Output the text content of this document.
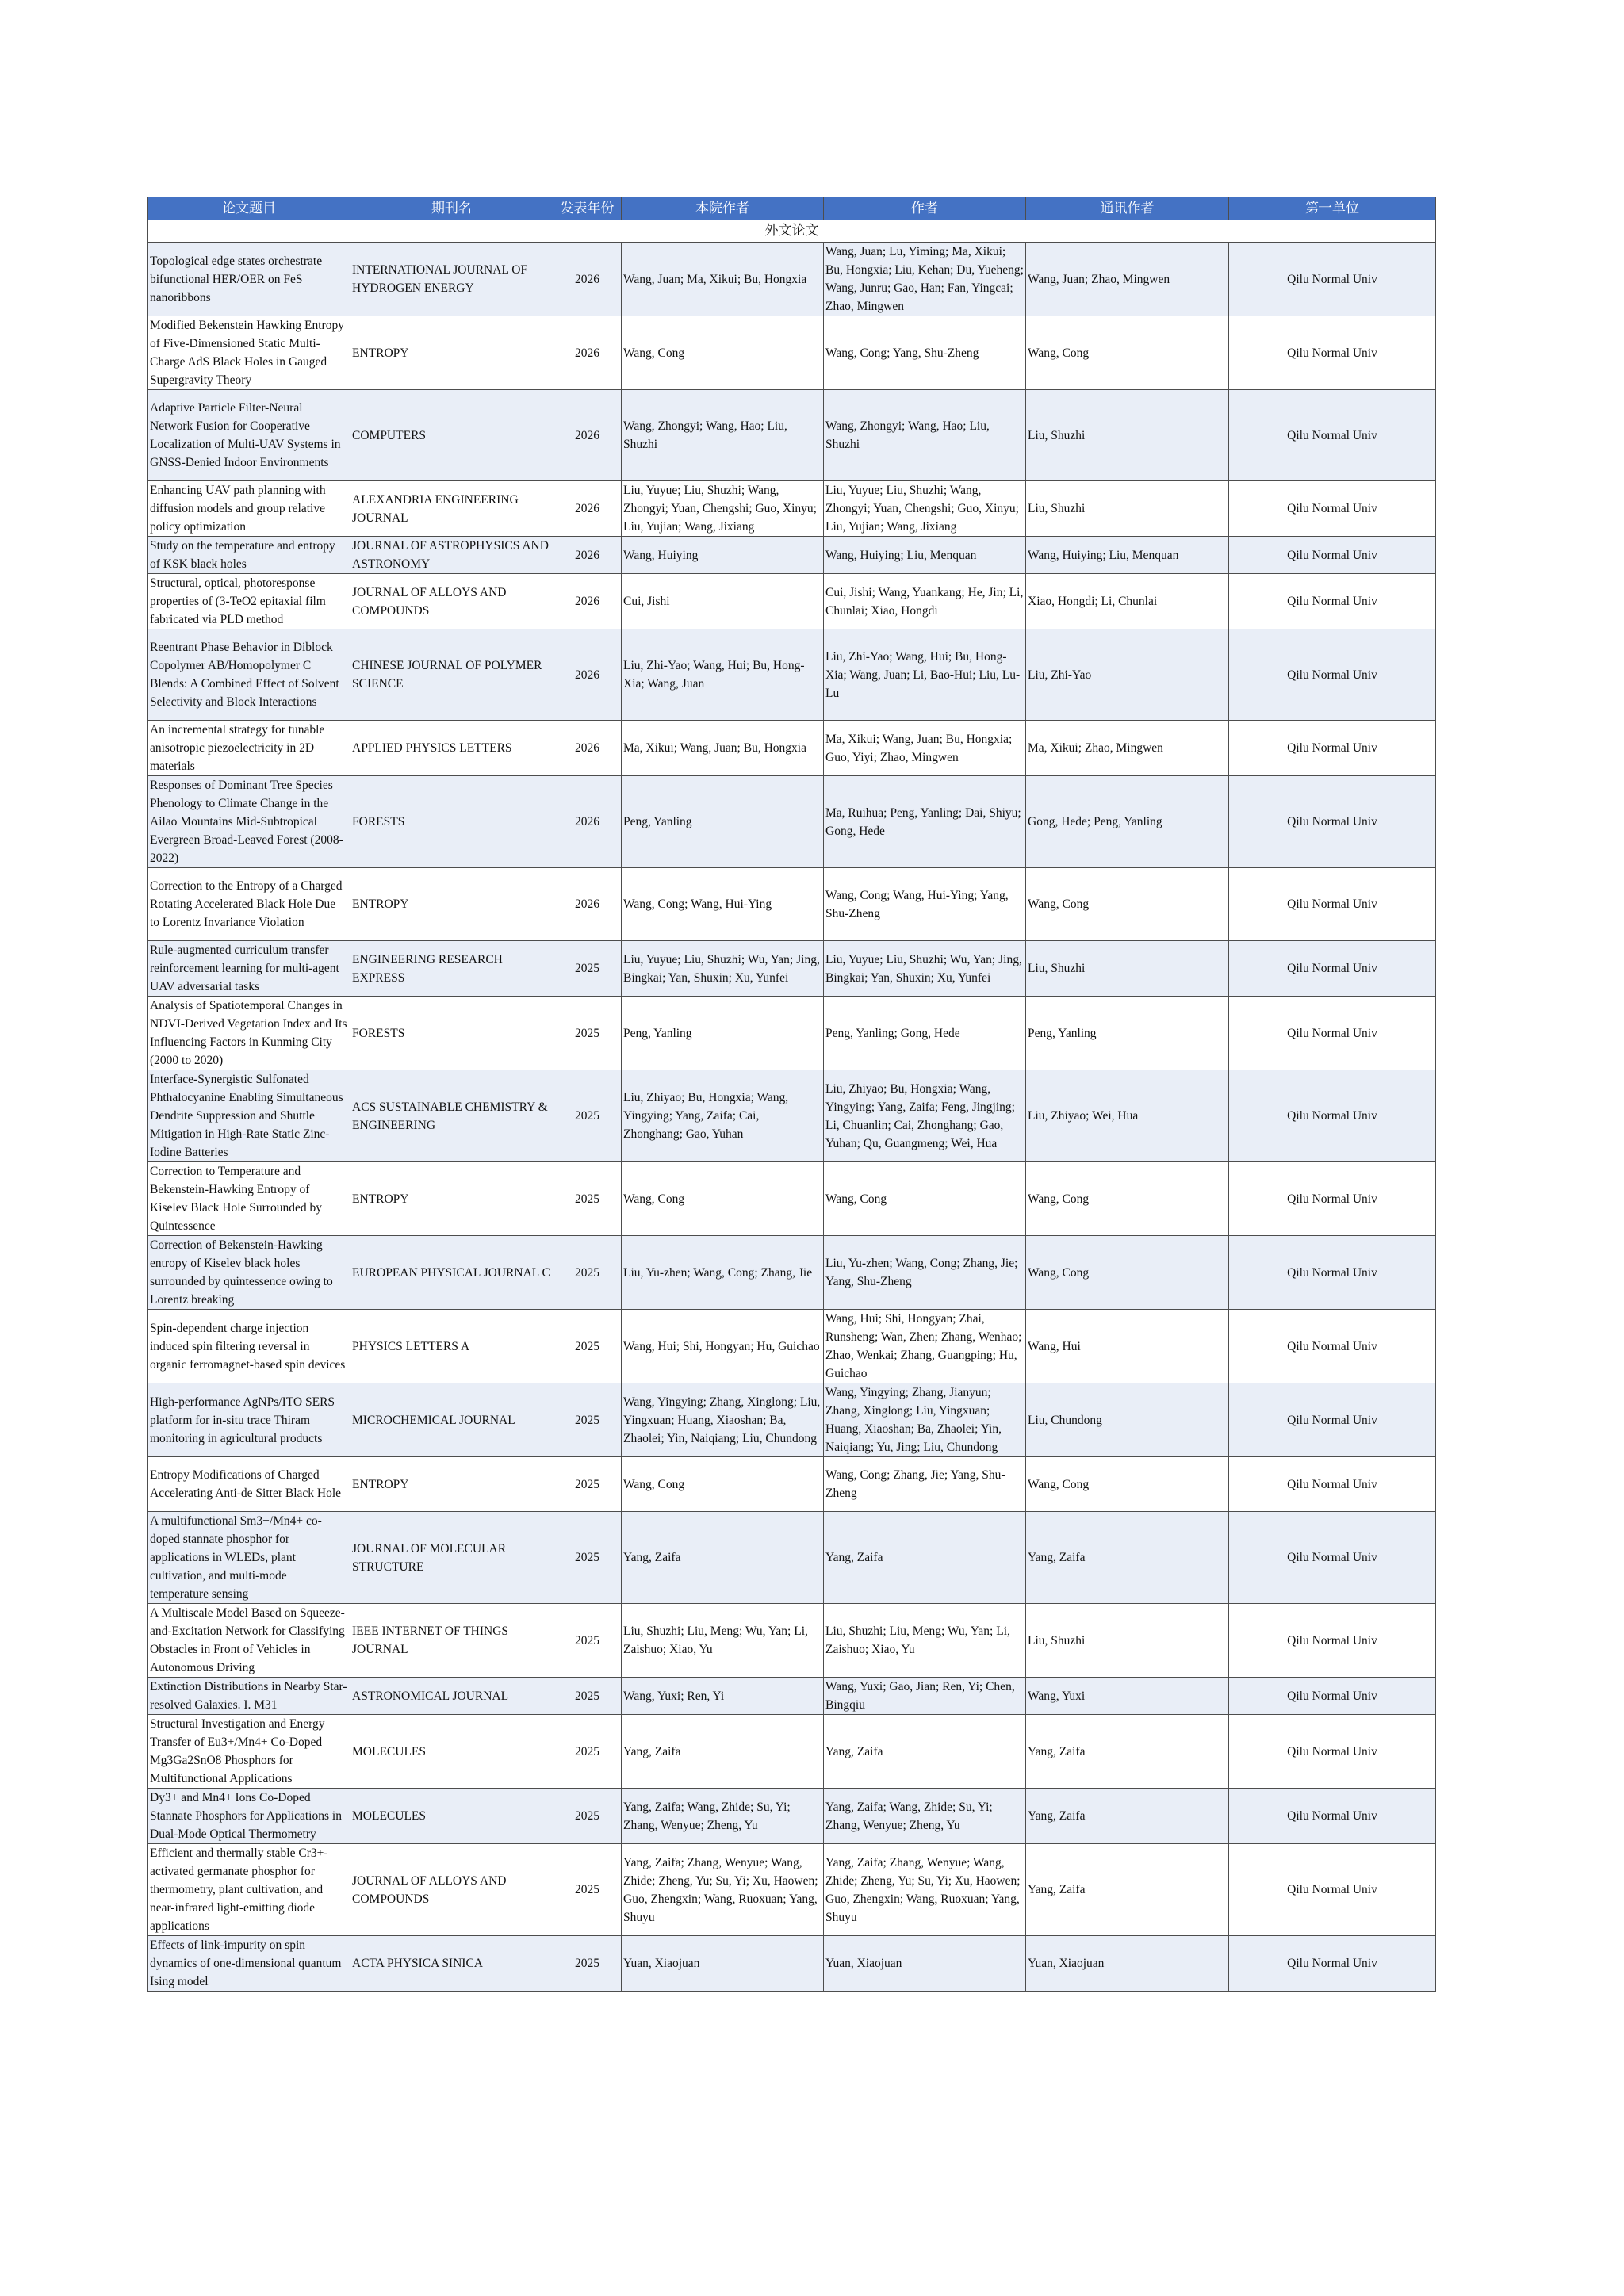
论文题目	期刊名	发表年份	本院作者	作者	通讯作者	第一单位
外文论文						
Topological edge states orchestrate bifunctional HER/OER on FeS nanoribbons	INTERNATIONAL JOURNAL OF HYDROGEN ENERGY	2026	Wang, Juan; Ma, Xikui; Bu, Hongxia	Wang, Juan; Lu, Yiming; Ma, Xikui; Bu, Hongxia; Liu, Kehan; Du, Yueheng; Wang, Junru; Gao, Han; Fan, Yingcai; Zhao, Mingwen	Wang, Juan; Zhao, Mingwen	Qilu Normal Univ
Modified Bekenstein Hawking Entropy of Five-Dimensioned Static Multi-Charge AdS Black Holes in Gauged Supergravity Theory	ENTROPY	2026	Wang, Cong	Wang, Cong; Yang, Shu-Zheng	Wang, Cong	Qilu Normal Univ
Adaptive Particle Filter-Neural Network Fusion for Cooperative Localization of Multi-UAV Systems in GNSS-Denied Indoor Environments	COMPUTERS	2026	Wang, Zhongyi; Wang, Hao; Liu, Shuzhi	Wang, Zhongyi; Wang, Hao; Liu, Shuzhi	Liu, Shuzhi	Qilu Normal Univ
Enhancing UAV path planning with diffusion models and group relative policy optimization	ALEXANDRIA ENGINEERING JOURNAL	2026	Liu, Yuyue; Liu, Shuzhi; Wang, Zhongyi; Yuan, Chengshi; Guo, Xinyu; Liu, Yujian; Wang, Jixiang	Liu, Yuyue; Liu, Shuzhi; Wang, Zhongyi; Yuan, Chengshi; Guo, Xinyu; Liu, Yujian; Wang, Jixiang	Liu, Shuzhi	Qilu Normal Univ
Study on the temperature and entropy of KSK black holes	JOURNAL OF ASTROPHYSICS AND ASTRONOMY	2026	Wang, Huiying	Wang, Huiying; Liu, Menquan	Wang, Huiying; Liu, Menquan	Qilu Normal Univ
Structural, optical, photoresponse properties of (3-TeO2 epitaxial film fabricated via PLD method	JOURNAL OF ALLOYS AND COMPOUNDS	2026	Cui, Jishi	Cui, Jishi; Wang, Yuankang; He, Jin; Li, Chunlai; Xiao, Hongdi	Xiao, Hongdi; Li, Chunlai	Qilu Normal Univ
Reentrant Phase Behavior in Diblock Copolymer AB/Homopolymer C Blends: A Combined Effect of Solvent Selectivity and Block Interactions	CHINESE JOURNAL OF POLYMER SCIENCE	2026	Liu, Zhi-Yao; Wang, Hui; Bu, Hong-Xia; Wang, Juan	Liu, Zhi-Yao; Wang, Hui; Bu, Hong-Xia; Wang, Juan; Li, Bao-Hui; Liu, Lu-Lu	Liu, Zhi-Yao	Qilu Normal Univ
An incremental strategy for tunable anisotropic piezoelectricity in 2D materials	APPLIED PHYSICS LETTERS	2026	Ma, Xikui; Wang, Juan; Bu, Hongxia	Ma, Xikui; Wang, Juan; Bu, Hongxia; Guo, Yiyi; Zhao, Mingwen	Ma, Xikui; Zhao, Mingwen	Qilu Normal Univ
Responses of Dominant Tree Species Phenology to Climate Change in the Ailao Mountains Mid-Subtropical Evergreen Broad-Leaved Forest (2008-2022)	FORESTS	2026	Peng, Yanling	Ma, Ruihua; Peng, Yanling; Dai, Shiyu; Gong, Hede	Gong, Hede; Peng, Yanling	Qilu Normal Univ
Correction to the Entropy of a Charged Rotating Accelerated Black Hole Due to Lorentz Invariance Violation	ENTROPY	2026	Wang, Cong; Wang, Hui-Ying	Wang, Cong; Wang, Hui-Ying; Yang, Shu-Zheng	Wang, Cong	Qilu Normal Univ
Rule-augmented curriculum transfer reinforcement learning for multi-agent UAV adversarial tasks	ENGINEERING RESEARCH EXPRESS	2025	Liu, Yuyue; Liu, Shuzhi; Wu, Yan; Jing, Bingkai; Yan, Shuxin; Xu, Yunfei	Liu, Yuyue; Liu, Shuzhi; Wu, Yan; Jing, Bingkai; Yan, Shuxin; Xu, Yunfei	Liu, Shuzhi	Qilu Normal Univ
Analysis of Spatiotemporal Changes in NDVI-Derived Vegetation Index and Its Influencing Factors in Kunming City (2000 to 2020)	FORESTS	2025	Peng, Yanling	Peng, Yanling; Gong, Hede	Peng, Yanling	Qilu Normal Univ
Interface-Synergistic Sulfonated Phthalocyanine Enabling Simultaneous Dendrite Suppression and Shuttle Mitigation in High-Rate Static Zinc-Iodine Batteries	ACS SUSTAINABLE CHEMISTRY & ENGINEERING	2025	Liu, Zhiyao; Bu, Hongxia; Wang, Yingying; Yang, Zaifa; Cai, Zhonghang; Gao, Yuhan	Liu, Zhiyao; Bu, Hongxia; Wang, Yingying; Yang, Zaifa; Feng, Jingjing; Li, Chuanlin; Cai, Zhonghang; Gao, Yuhan; Qu, Guangmeng; Wei, Hua	Liu, Zhiyao; Wei, Hua	Qilu Normal Univ
Correction to Temperature and Bekenstein-Hawking Entropy of Kiselev Black Hole Surrounded by Quintessence	ENTROPY	2025	Wang, Cong	Wang, Cong	Wang, Cong	Qilu Normal Univ
Correction of Bekenstein-Hawking entropy of Kiselev black holes surrounded by quintessence owing to Lorentz breaking	EUROPEAN PHYSICAL JOURNAL C	2025	Liu, Yu-zhen; Wang, Cong; Zhang, Jie	Liu, Yu-zhen; Wang, Cong; Zhang, Jie; Yang, Shu-Zheng	Wang, Cong	Qilu Normal Univ
Spin-dependent charge injection induced spin filtering reversal in organic ferromagnet-based spin devices	PHYSICS LETTERS A	2025	Wang, Hui; Shi, Hongyan; Hu, Guichao	Wang, Hui; Shi, Hongyan; Zhai, Runsheng; Wan, Zhen; Zhang, Wenhao; Zhao, Wenkai; Zhang, Guangping; Hu, Guichao	Wang, Hui	Qilu Normal Univ
High-performance AgNPs/ITO SERS platform for in-situ trace Thiram monitoring in agricultural products	MICROCHEMICAL JOURNAL	2025	Wang, Yingying; Zhang, Xinglong; Liu, Yingxuan; Huang, Xiaoshan; Ba, Zhaolei; Yin, Naiqiang; Liu, Chundong	Wang, Yingying; Zhang, Jianyun; Zhang, Xinglong; Liu, Yingxuan; Huang, Xiaoshan; Ba, Zhaolei; Yin, Naiqiang; Yu, Jing; Liu, Chundong	Liu, Chundong	Qilu Normal Univ
Entropy Modifications of Charged Accelerating Anti-de Sitter Black Hole	ENTROPY	2025	Wang, Cong	Wang, Cong; Zhang, Jie; Yang, Shu-Zheng	Wang, Cong	Qilu Normal Univ
A multifunctional Sm3+/Mn4+ co-doped stannate phosphor for applications in WLEDs, plant cultivation, and multi-mode temperature sensing	JOURNAL OF MOLECULAR STRUCTURE	2025	Yang, Zaifa	Yang, Zaifa	Yang, Zaifa	Qilu Normal Univ
A Multiscale Model Based on Squeeze-and-Excitation Network for Classifying Obstacles in Front of Vehicles in Autonomous Driving	IEEE INTERNET OF THINGS JOURNAL	2025	Liu, Shuzhi; Liu, Meng; Wu, Yan; Li, Zaishuo; Xiao, Yu	Liu, Shuzhi; Liu, Meng; Wu, Yan; Li, Zaishuo; Xiao, Yu	Liu, Shuzhi	Qilu Normal Univ
Extinction Distributions in Nearby Star-resolved Galaxies. I. M31	ASTRONOMICAL JOURNAL	2025	Wang, Yuxi; Ren, Yi	Wang, Yuxi; Gao, Jian; Ren, Yi; Chen, Bingqiu	Wang, Yuxi	Qilu Normal Univ
Structural Investigation and Energy Transfer of Eu3+/Mn4+ Co-Doped Mg3Ga2SnO8 Phosphors for Multifunctional Applications	MOLECULES	2025	Yang, Zaifa	Yang, Zaifa	Yang, Zaifa	Qilu Normal Univ
Dy3+ and Mn4+ Ions Co-Doped Stannate Phosphors for Applications in Dual-Mode Optical Thermometry	MOLECULES	2025	Yang, Zaifa; Wang, Zhide; Su, Yi; Zhang, Wenyue; Zheng, Yu	Yang, Zaifa; Wang, Zhide; Su, Yi; Zhang, Wenyue; Zheng, Yu	Yang, Zaifa	Qilu Normal Univ
Efficient and thermally stable Cr3+-activated germanate phosphor for thermometry, plant cultivation, and near-infrared light-emitting diode applications	JOURNAL OF ALLOYS AND COMPOUNDS	2025	Yang, Zaifa; Zhang, Wenyue; Wang, Zhide; Zheng, Yu; Su, Yi; Xu, Haowen; Guo, Zhengxin; Wang, Ruoxuan; Yang, Shuyu	Yang, Zaifa; Zhang, Wenyue; Wang, Zhide; Zheng, Yu; Su, Yi; Xu, Haowen; Guo, Zhengxin; Wang, Ruoxuan; Yang, Shuyu	Yang, Zaifa	Qilu Normal Univ
Effects of link-impurity on spin dynamics of one-dimensional quantum Ising model	ACTA PHYSICA SINICA	2025	Yuan, Xiaojuan	Yuan, Xiaojuan	Yuan, Xiaojuan	Qilu Normal Univ
